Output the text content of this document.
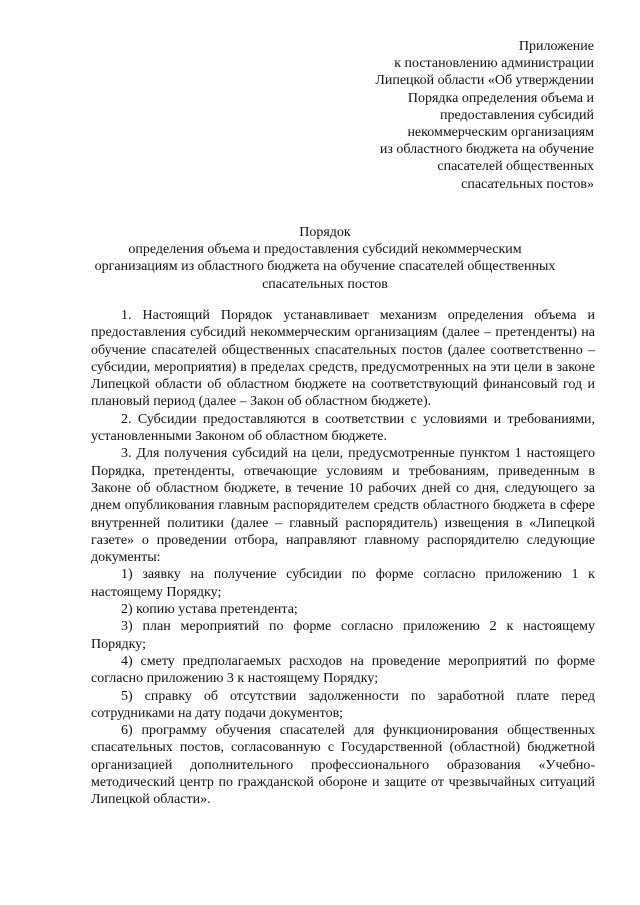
Приложение
к постановлению администрации
Липецкой области «Об утверждении
Порядка определения объема и
предоставления субсидий
некоммерческим организациям
из областного бюджета на обучение
спасателей общественных
спасательных постов»
Порядок
определения объема и предоставления субсидий некоммерческим
организациям из областного бюджета на обучение спасателей общественных
спасательных постов

1. Настоящий Порядок устанавливает механизм определения объема и предоставления субсидий некоммерческим организациям (далее – претенденты) на обучение спасателей общественных спасательных постов (далее соответственно – субсидии, мероприятия) в пределах средств, предусмотренных на эти цели в законе Липецкой области об областном бюджете на соответствующий финансовый год и плановый период (далее – Закон об областном бюджете).

2. Субсидии предоставляются в соответствии с условиями и требованиями, установленными Законом об областном бюджете.

3. Для получения субсидий на цели, предусмотренные пунктом 1 настоящего Порядка, претенденты, отвечающие условиям и требованиям, приведенным в Законе об областном бюджете, в течение 10 рабочих дней со дня, следующего за днем опубликования главным распорядителем средств областного бюджета в сфере внутренней политики (далее – главный распорядитель) извещения в «Липецкой газете» о проведении отбора, направляют главному распорядителю следующие документы:

1) заявку на получение субсидии по форме согласно приложению 1 к настоящему Порядку;

2) копию устава претендента;

3) план мероприятий по форме согласно приложению 2 к настоящему Порядку;

4) смету предполагаемых расходов на проведение мероприятий по форме согласно приложению 3 к настоящему Порядку;

5) справку об отсутствии задолженности по заработной плате перед сотрудниками на дату подачи документов;

6) программу обучения спасателей для функционирования общественных спасательных постов, согласованную с Государственной (областной) бюджетной организацией дополнительного профессионального образования «Учебно-методический центр по гражданской обороне и защите от чрезвычайных ситуаций Липецкой области».
